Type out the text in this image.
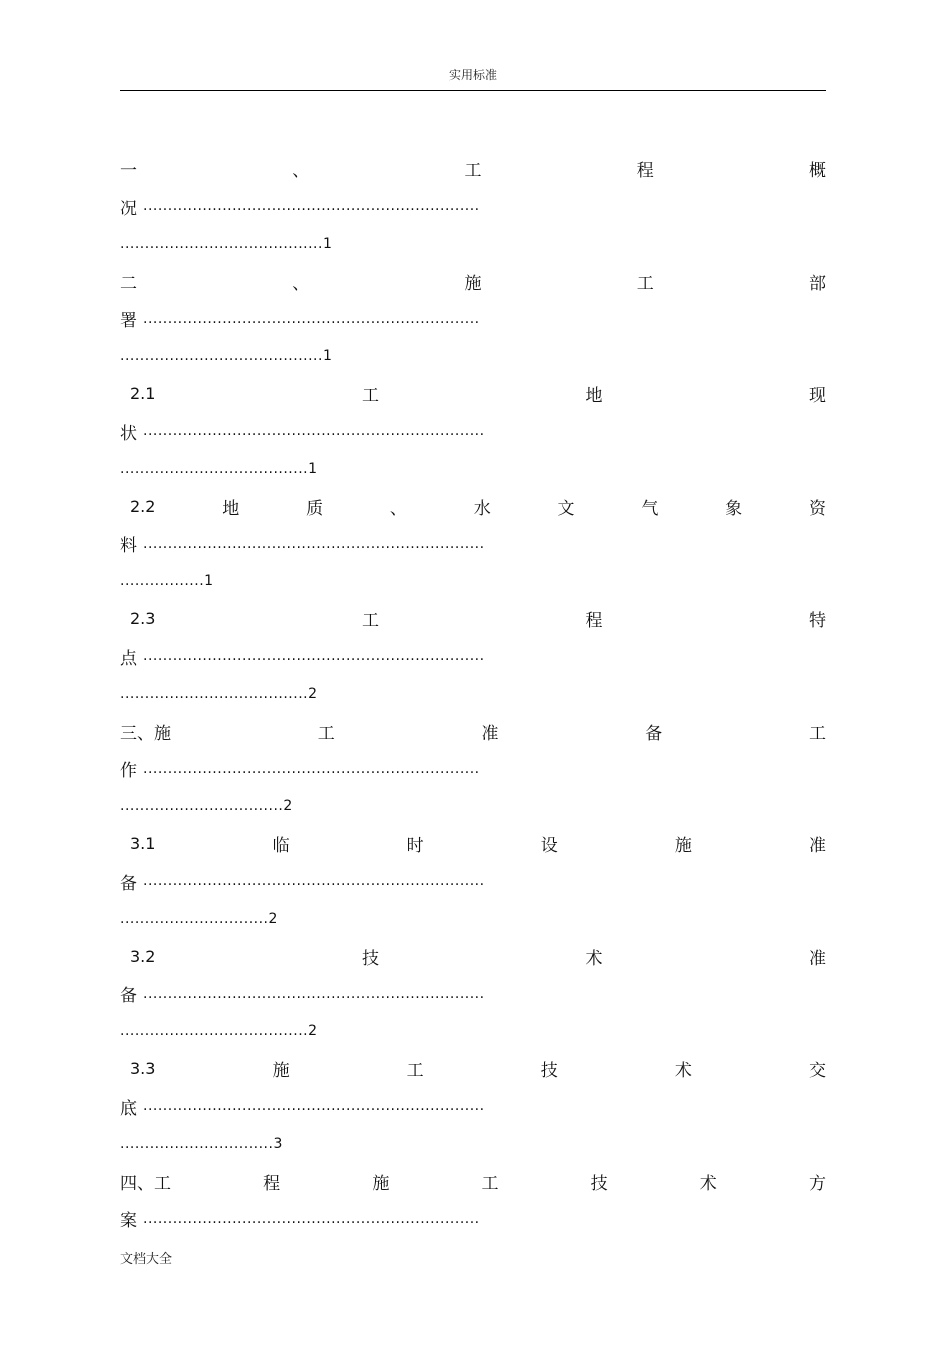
实用标准
一	、	工	程	概
况 ....................................................................
.........................................1
二	、	施	工	部
署 ....................................................................
.........................................1
2.1	工	地	现
状 .....................................................................
......................................1
2.2	地	质	、	水	文	气	象	资
料 .....................................................................
.................1
2.3	工	程	特
点 .....................................................................
......................................2
三、施	工	准	备	工
作 ....................................................................
.................................2
3.1	临	时	设	施	准
备 .....................................................................
..............................2
3.2	技	术	准
备 .....................................................................
......................................2
3.3	施	工	技	术	交
底 .....................................................................
...............................3
四、工	程	施	工	技	术	方
案 ....................................................................
文档大全
